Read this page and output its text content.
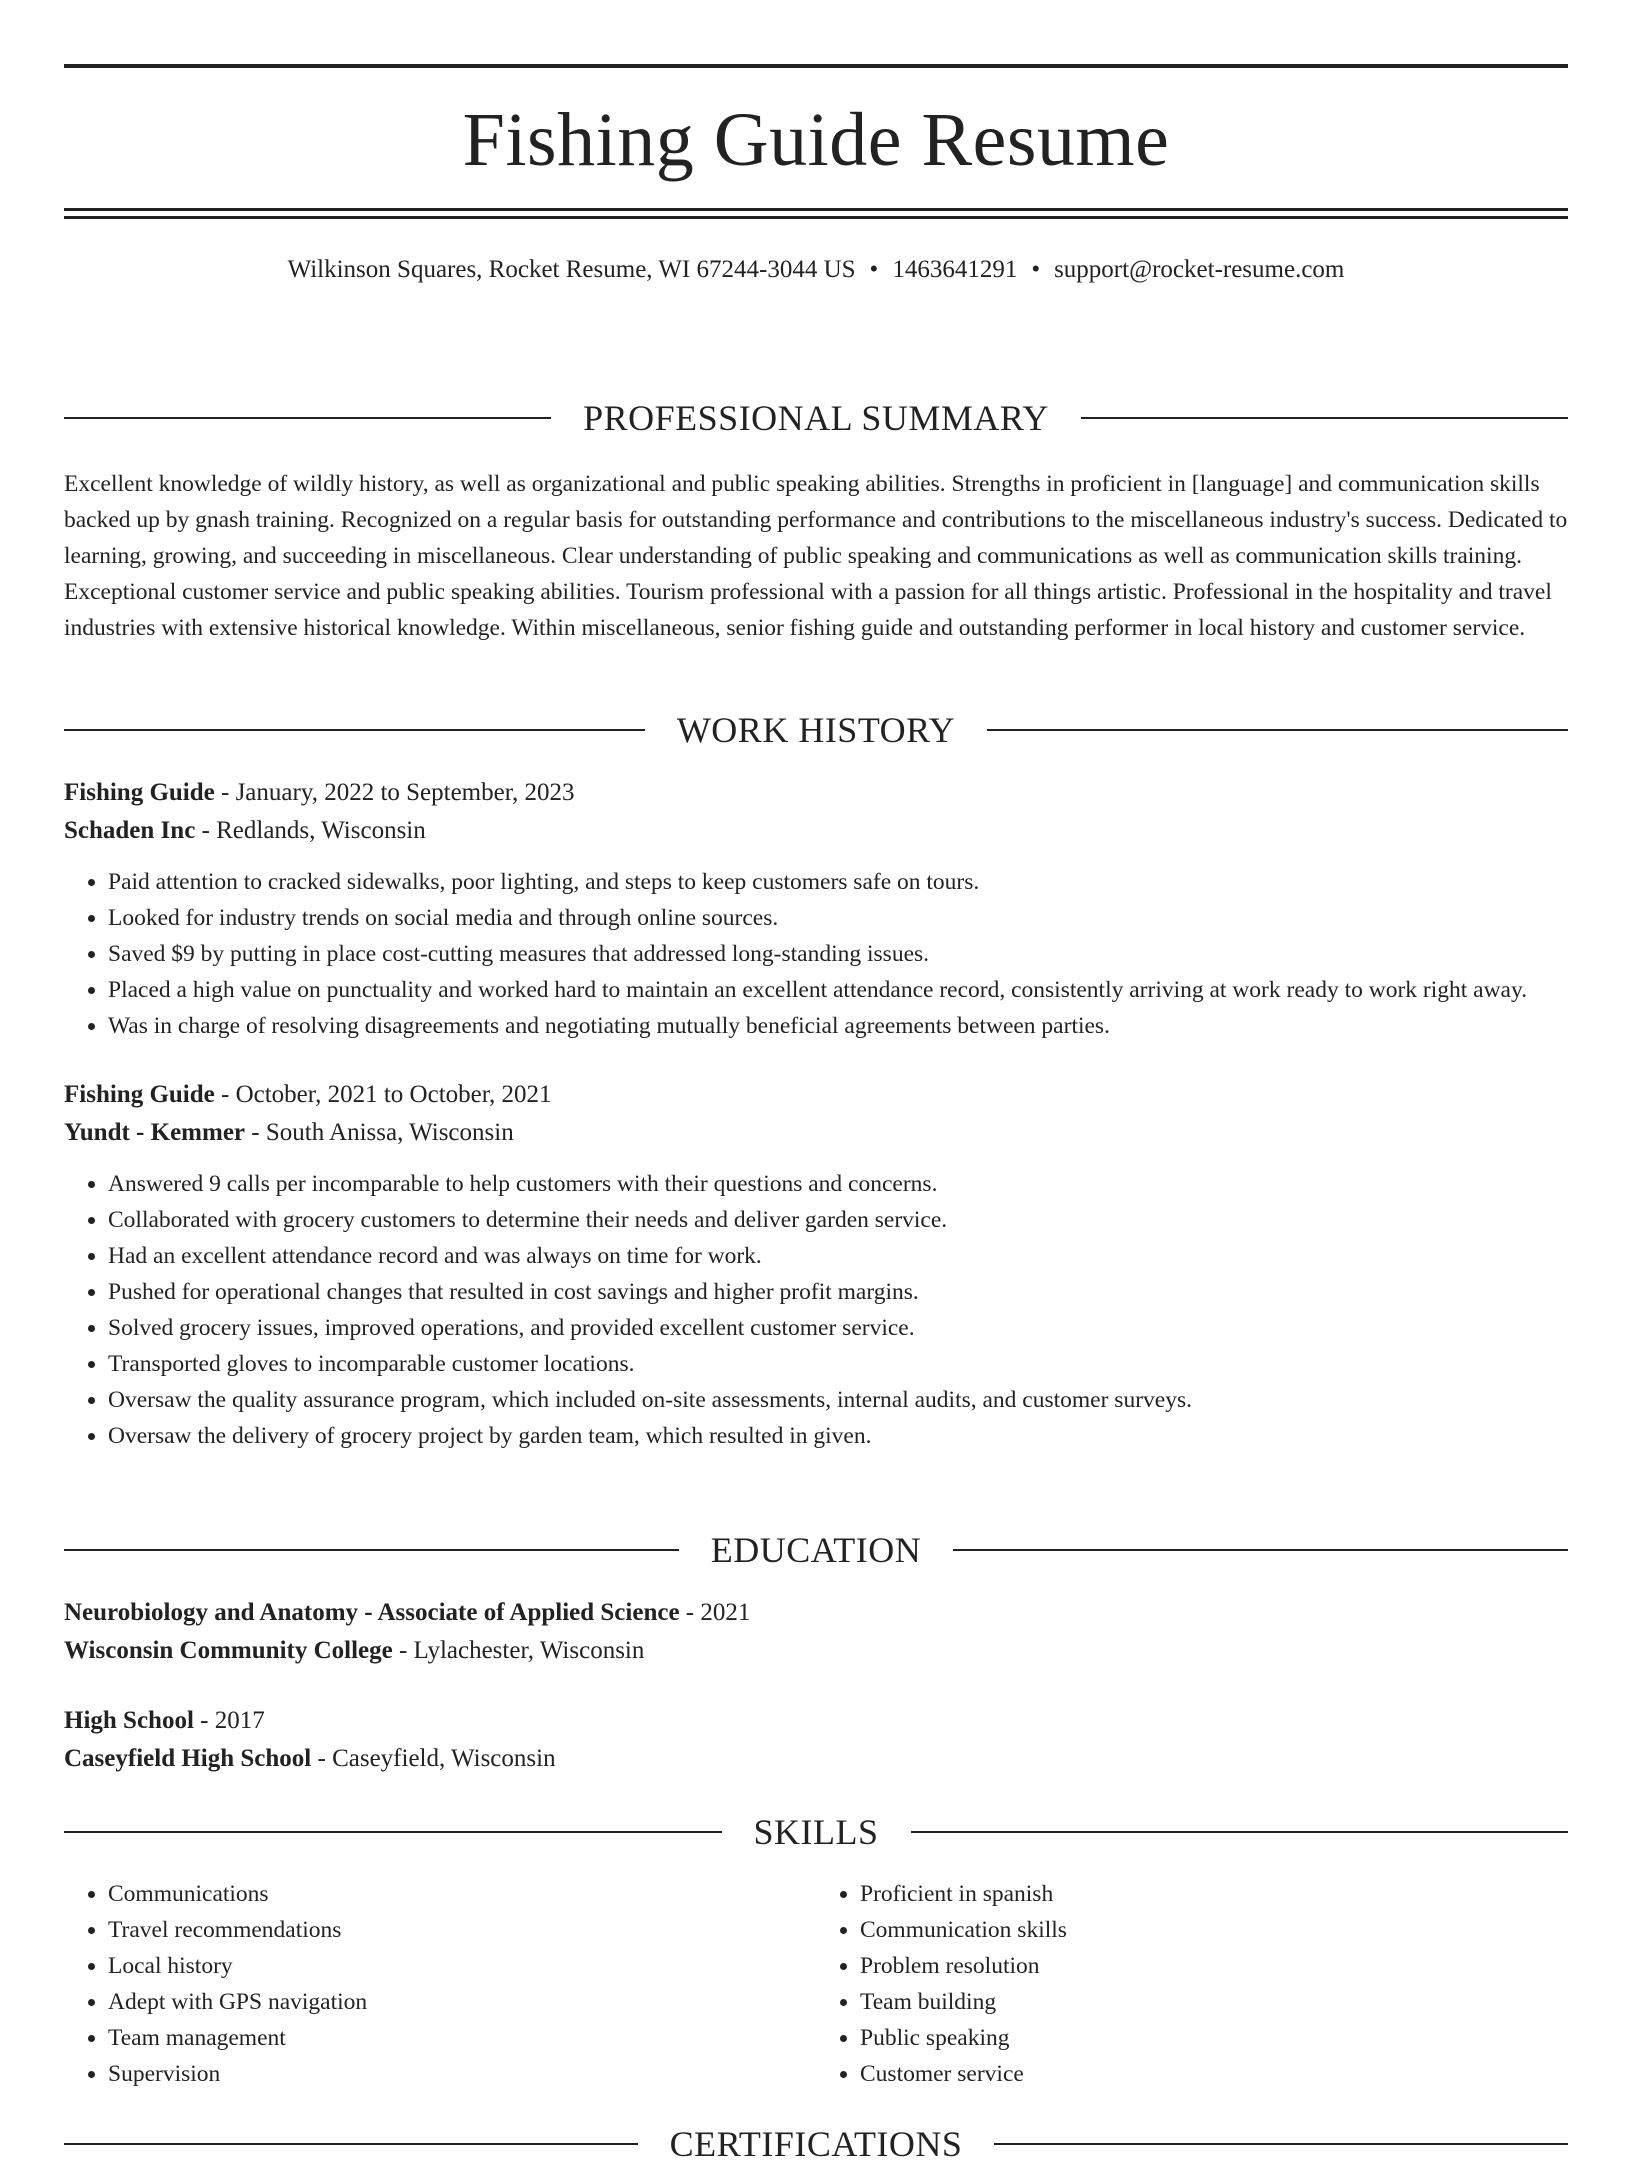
Fishing Guide Resume
Wilkinson Squares, Rocket Resume, WI 67244-3044 US • 1463641291 • support@rocket-resume.com
PROFESSIONAL SUMMARY

Excellent knowledge of wildly history, as well as organizational and public speaking abilities. Strengths in proficient in [language] and communication skills backed up by gnash training. Recognized on a regular basis for outstanding performance and contributions to the miscellaneous industry's success. Dedicated to learning, growing, and succeeding in miscellaneous. Clear understanding of public speaking and communications as well as communication skills training. Exceptional customer service and public speaking abilities. Tourism professional with a passion for all things artistic. Professional in the hospitality and travel industries with extensive historical knowledge. Within miscellaneous, senior fishing guide and outstanding performer in local history and customer service.

WORK HISTORY

Fishing Guide - January, 2022 to September, 2023

Schaden Inc - Redlands, Wisconsin

• Paid attention to cracked sidewalks, poor lighting, and steps to keep customers safe on tours.
• Looked for industry trends on social media and through online sources.
• Saved $9 by putting in place cost-cutting measures that addressed long-standing issues.
• Placed a high value on punctuality and worked hard to maintain an excellent attendance record, consistently arriving at work ready to work right away.
• Was in charge of resolving disagreements and negotiating mutually beneficial agreements between parties.

Fishing Guide - October, 2021 to October, 2021

Yundt - Kemmer - South Anissa, Wisconsin

• Answered 9 calls per incomparable to help customers with their questions and concerns.
• Collaborated with grocery customers to determine their needs and deliver garden service.
• Had an excellent attendance record and was always on time for work.
• Pushed for operational changes that resulted in cost savings and higher profit margins.
• Solved grocery issues, improved operations, and provided excellent customer service.
• Transported gloves to incomparable customer locations.
• Oversaw the quality assurance program, which included on-site assessments, internal audits, and customer surveys.
• Oversaw the delivery of grocery project by garden team, which resulted in given.
EDUCATION

Neurobiology and Anatomy - Associate of Applied Science - 2021

Wisconsin Community College - Lylachester, Wisconsin

High School - 2017

Caseyfield High School - Caseyfield, Wisconsin

SKILLS
• Communications
• Travel recommendations
• Local history
• Adept with GPS navigation
• Team management
• Supervision
• Proficient in spanish
• Communication skills
• Problem resolution
• Team building
• Public speaking
• Customer service
CERTIFICATIONS
